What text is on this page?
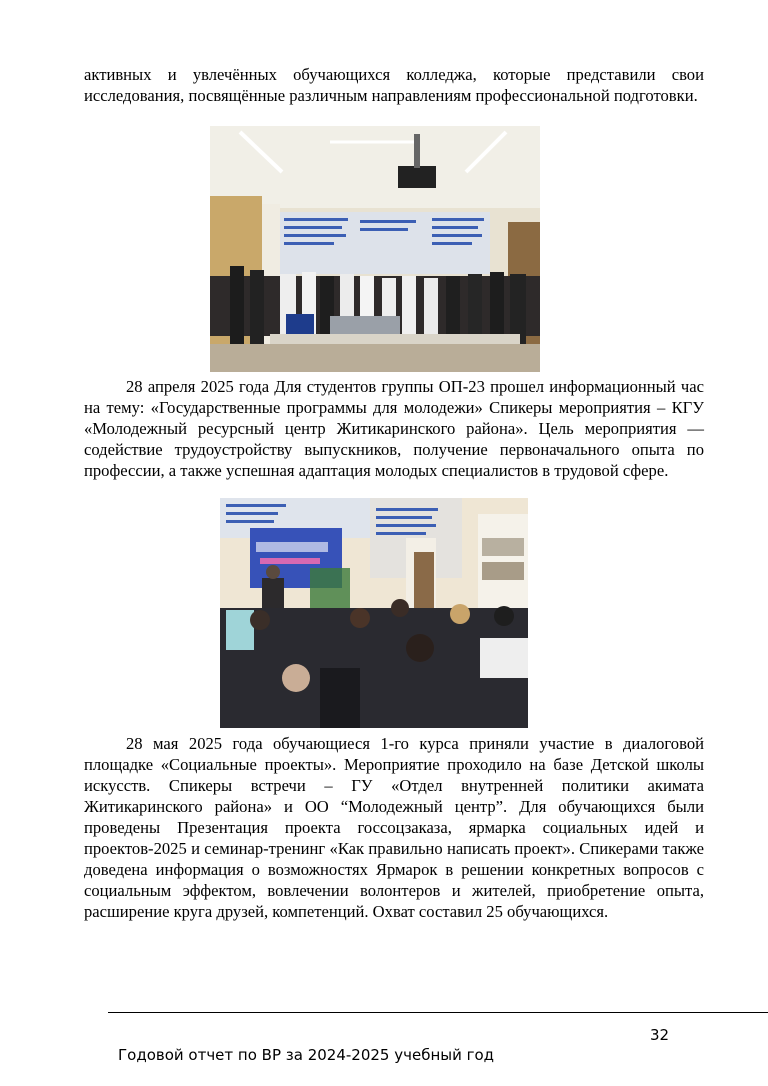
активных и увлечённых обучающихся колледжа, которые представили свои исследования, посвящённые различным направлениям профессиональной подготовки.

28 апреля 2025 года Для студентов группы ОП-23 прошел информационный час на тему: «Государственные программы для молодежи» Спикеры мероприятия – КГУ «Молодежный ресурсный центр Житикаринского района». Цель мероприятия — содействие трудоустройству выпускников, получение первоначального опыта по профессии, а также успешная адаптация молодых специалистов в трудовой сфере.

28 мая 2025 года обучающиеся 1-го курса приняли участие в диалоговой площадке «Социальные проекты». Мероприятие проходило на базе Детской школы искусств. Спикеры встречи – ГУ «Отдел внутренней политики акимата Житикаринского района» и ОО “Молодежный центр”. Для обучающихся были проведены Презентация проекта госсоцзаказа, ярмарка социальных идей и проектов-2025 и семинар-тренинг «Как правильно написать проект». Спикерами также доведена информация о возможностях Ярмарок в решении конкретных вопросов с социальным эффектом, вовлечении волонтеров и жителей, приобретение опыта, расширение круга друзей, компетенций. Охват составил 25 обучающихся.

32
Годовой отчет по ВР за 2024-2025 учебный год
